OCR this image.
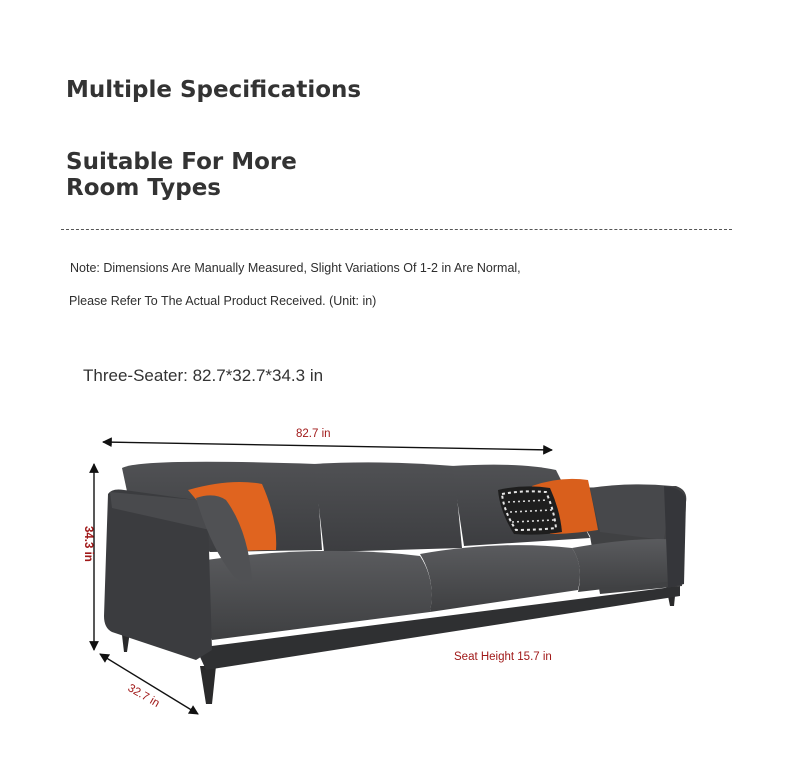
Multiple Specifications
Suitable For More Room Types

Note: Dimensions Are Manually Measured, Slight Variations Of 1-2 in Are Normal,

Please Refer To The Actual Product Received. (Unit: in)

Three-Seater: 82.7*32.7*34.3 in

82.7 in
34.3 in
32.7 in
Seat Height 15.7 in
